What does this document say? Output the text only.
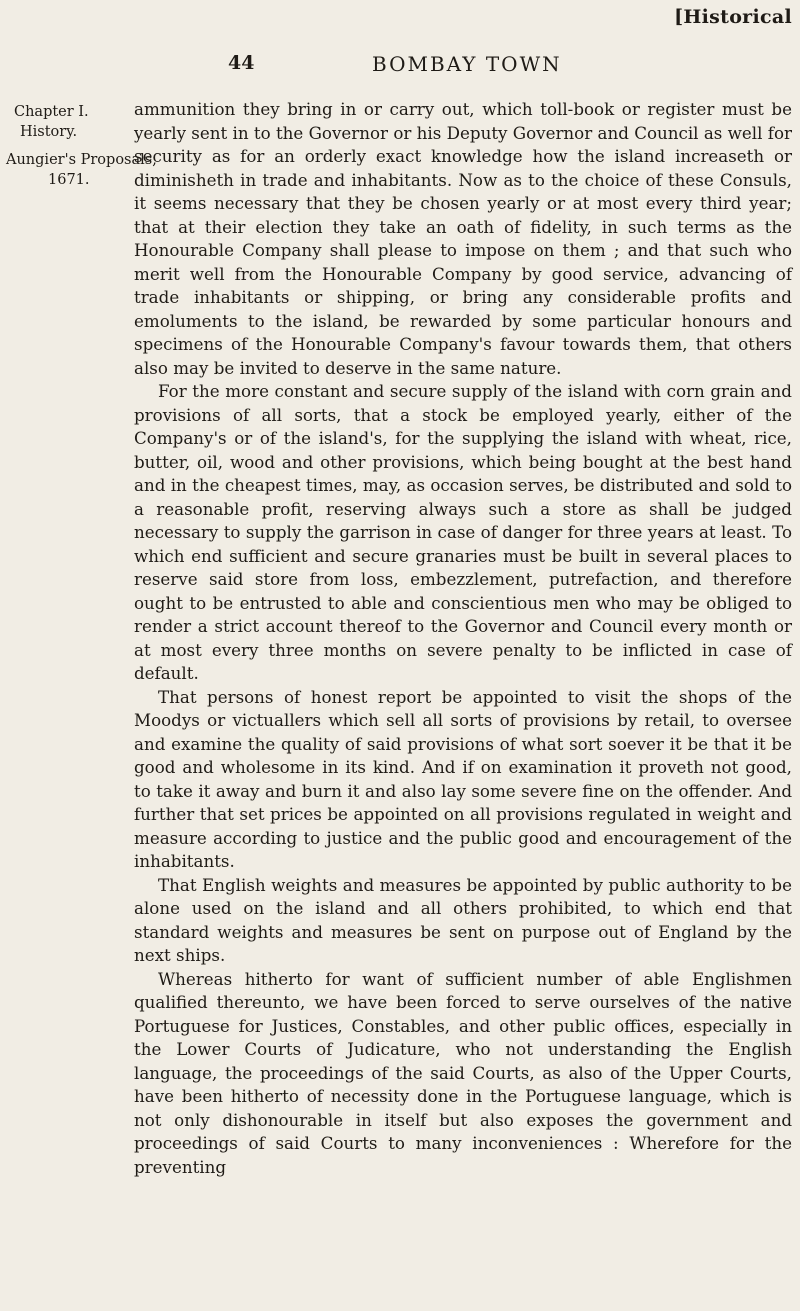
[Historical
44	BOMBAY TOWN
Chapter I.
History.
Aungier's Proposals,
1671.

ammunition they bring in or carry out, which toll-book or register must be yearly sent in to the Governor or his Deputy Governor and Council as well for security as for an orderly exact knowledge how the island increaseth or diminisheth in trade and inhabitants. Now as to the choice of these Consuls, it seems necessary that they be chosen yearly or at most every third year; that at their election they take an oath of fidelity, in such terms as the Honourable Company shall please to impose on them ; and that such who merit well from the Honourable Company by good service, advancing of trade inhabitants or shipping, or bring any considerable profits and emoluments to the island, be rewarded by some particular honours and specimens of the Honourable Company's favour towards them, that others also may be invited to deserve in the same nature.

For the more constant and secure supply of the island with corn grain and provisions of all sorts, that a stock be employed yearly, either of the Company's or of the island's, for the supplying the island with wheat, rice, butter, oil, wood and other provisions, which being bought at the best hand and in the cheapest times, may, as occasion serves, be distributed and sold to a reasonable profit, reserving always such a store as shall be judged necessary to supply the garrison in case of danger for three years at least. To which end sufficient and secure granaries must be built in several places to reserve said store from loss, embezzlement, putrefaction, and therefore ought to be entrusted to able and conscientious men who may be obliged to render a strict account thereof to the Governor and Council every month or at most every three months on severe penalty to be inflicted in case of default.

That persons of honest report be appointed to visit the shops of the Moodys or victuallers which sell all sorts of provisions by retail, to oversee and examine the quality of said provisions of what sort soever it be that it be good and wholesome in its kind. And if on examination it proveth not good, to take it away and burn it and also lay some severe fine on the offender. And further that set prices be appointed on all provisions regulated in weight and measure according to justice and the public good and encouragement of the inhabitants.

That English weights and measures be appointed by public authority to be alone used on the island and all others prohibited, to which end that standard weights and measures be sent on purpose out of England by the next ships.

Whereas hitherto for want of sufficient number of able Englishmen qualified thereunto, we have been forced to serve ourselves of the native Portuguese for Justices, Constables, and other public offices, especially in the Lower Courts of Judicature, who not understanding the English language, the proceedings of the said Courts, as also of the Upper Courts, have been hitherto of necessity done in the Portuguese language, which is not only dishonourable in itself but also exposes the government and proceedings of said Courts to many inconveniences : Wherefore for the preventing
